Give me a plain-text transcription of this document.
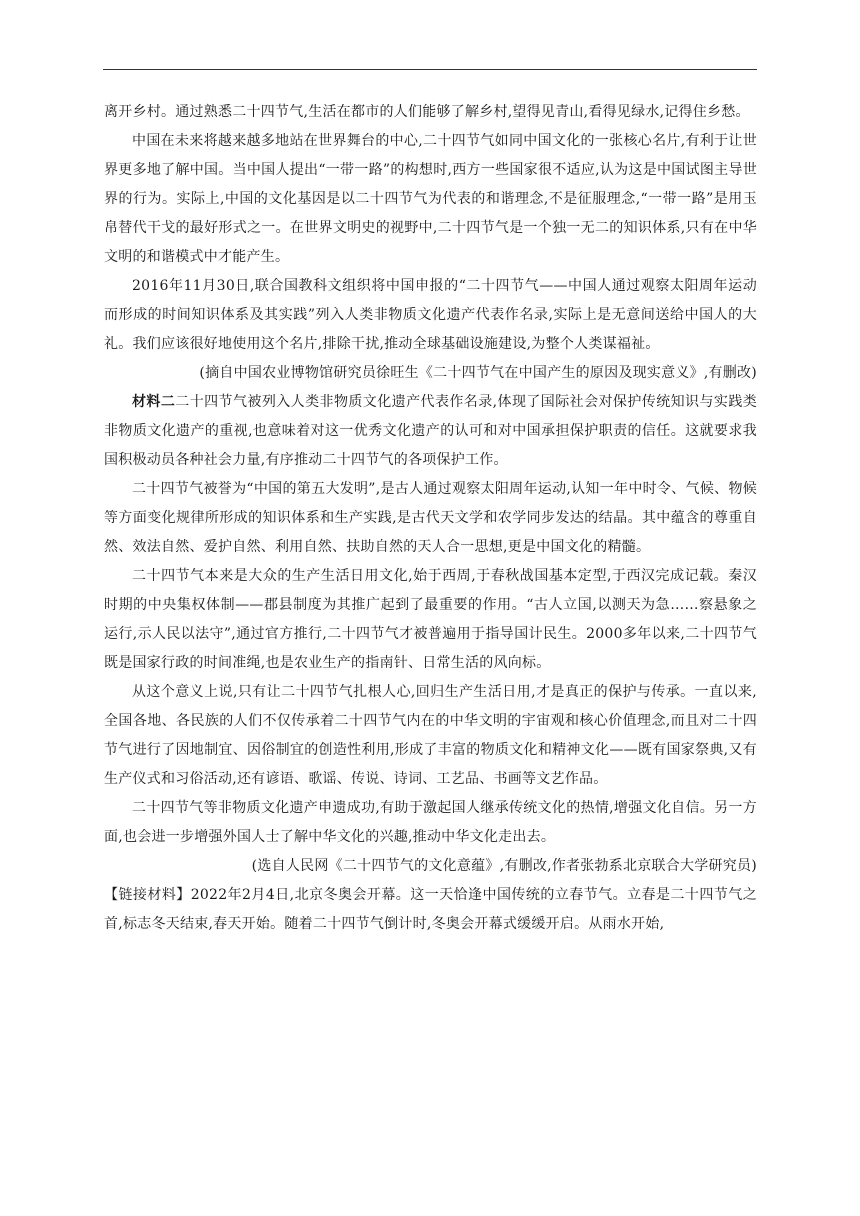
离开乡村。通过熟悉二十四节气,生活在都市的人们能够了解乡村,望得见青山,看得见绿水,记得住乡愁。

中国在未来将越来越多地站在世界舞台的中心,二十四节气如同中国文化的一张核心名片,有利于让世界更多地了解中国。当中国人提出“一带一路”的构想时,西方一些国家很不适应,认为这是中国试图主导世界的行为。实际上,中国的文化基因是以二十四节气为代表的和谐理念,不是征服理念,“一带一路”是用玉帛替代干戈的最好形式之一。在世界文明史的视野中,二十四节气是一个独一无二的知识体系,只有在中华文明的和谐模式中才能产生。

2016年11月30日,联合国教科文组织将中国申报的“二十四节气——中国人通过观察太阳周年运动而形成的时间知识体系及其实践”列入人类非物质文化遗产代表作名录,实际上是无意间送给中国人的大礼。我们应该很好地使用这个名片,排除干扰,推动全球基础设施建设,为整个人类谋福祉。

(摘自中国农业博物馆研究员徐旺生《二十四节气在中国产生的原因及现实意义》,有删改)

材料二二十四节气被列入人类非物质文化遗产代表作名录,体现了国际社会对保护传统知识与实践类非物质文化遗产的重视,也意味着对这一优秀文化遗产的认可和对中国承担保护职责的信任。这就要求我国积极动员各种社会力量,有序推动二十四节气的各项保护工作。

二十四节气被誉为“中国的第五大发明”,是古人通过观察太阳周年运动,认知一年中时令、气候、物候等方面变化规律所形成的知识体系和生产实践,是古代天文学和农学同步发达的结晶。其中蕴含的尊重自然、效法自然、爱护自然、利用自然、扶助自然的天人合一思想,更是中国文化的精髓。

二十四节气本来是大众的生产生活日用文化,始于西周,于春秋战国基本定型,于西汉完成记载。秦汉时期的中央集权体制——郡县制度为其推广起到了最重要的作用。“古人立国,以测天为急……察悬象之运行,示人民以法守”,通过官方推行,二十四节气才被普遍用于指导国计民生。2000多年以来,二十四节气既是国家行政的时间准绳,也是农业生产的指南针、日常生活的风向标。

从这个意义上说,只有让二十四节气扎根人心,回归生产生活日用,才是真正的保护与传承。一直以来,全国各地、各民族的人们不仅传承着二十四节气内在的中华文明的宇宙观和核心价值理念,而且对二十四节气进行了因地制宜、因俗制宜的创造性利用,形成了丰富的物质文化和精神文化——既有国家祭典,又有生产仪式和习俗活动,还有谚语、歌谣、传说、诗词、工艺品、书画等文艺作品。

二十四节气等非物质文化遗产申遗成功,有助于激起国人继承传统文化的热情,增强文化自信。另一方面,也会进一步增强外国人士了解中华文化的兴趣,推动中华文化走出去。

(选自人民网《二十四节气的文化意蕴》,有删改,作者张勃系北京联合大学研究员)

【链接材料】2022年2月4日,北京冬奥会开幕。这一天恰逢中国传统的立春节气。立春是二十四节气之首,标志冬天结束,春天开始。随着二十四节气倒计时,冬奥会开幕式缓缓开启。从雨水开始,
